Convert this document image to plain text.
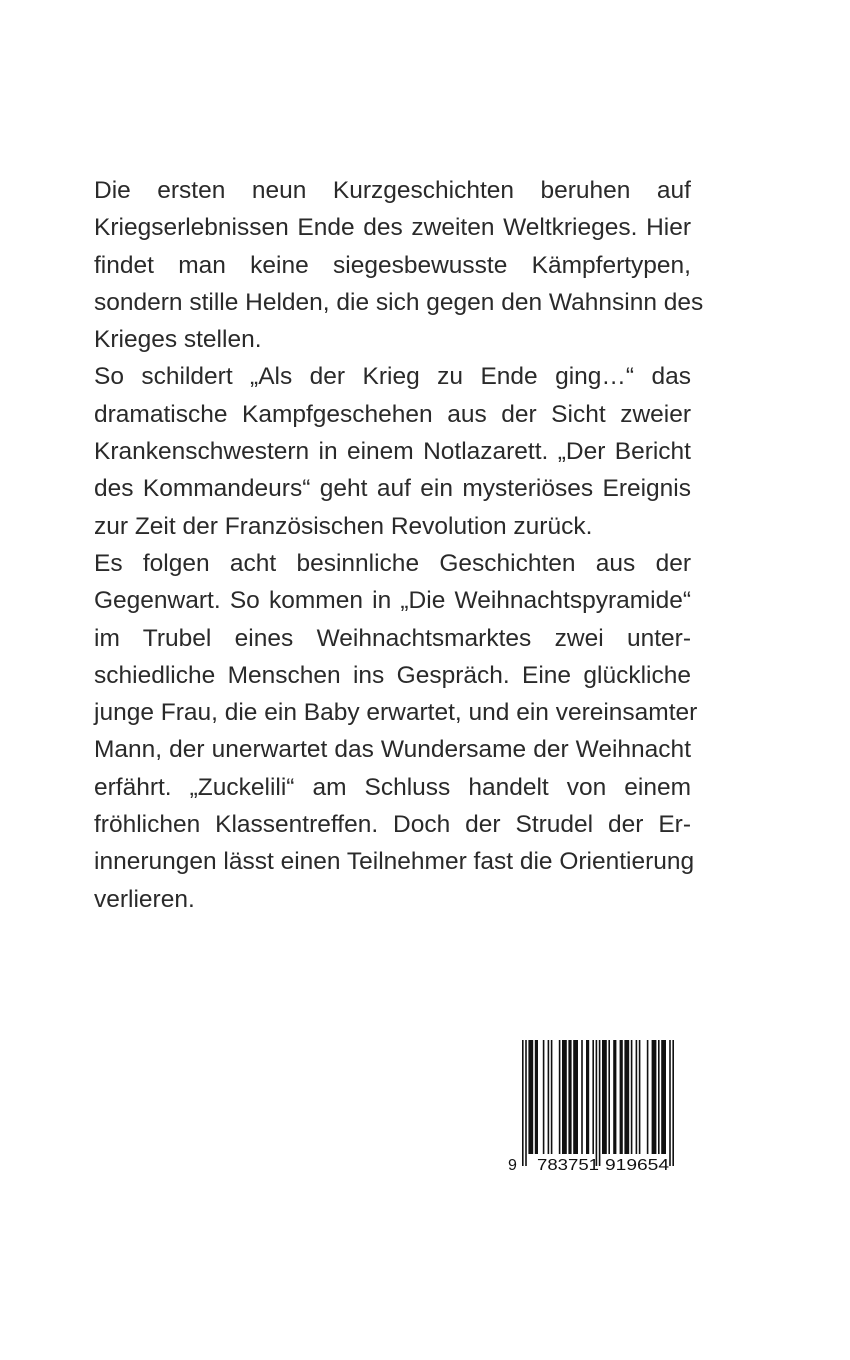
Die ersten neun Kurzgeschichten beruhen auf
Kriegserlebnissen Ende des zweiten Weltkrieges. Hier
findet man keine siegesbewusste Kämpfertypen,
sondern stille Helden, die sich gegen den Wahnsinn des
Krieges stellen.
So schildert „Als der Krieg zu Ende ging…“ das
dramatische Kampfgeschehen aus der Sicht zweier
Krankenschwestern in einem Notlazarett. „Der Bericht
des Kommandeurs“ geht auf ein mysteriöses Ereignis
zur Zeit der Französischen Revolution zurück.
Es folgen acht besinnliche Geschichten aus der
Gegenwart. So kommen in „Die Weihnachtspyramide“
im Trubel eines Weihnachtsmarktes zwei unter-
schiedliche Menschen ins Gespräch. Eine glückliche
junge Frau, die ein Baby erwartet, und ein vereinsamter
Mann, der unerwartet das Wundersame der Weihnacht
erfährt. „Zuckelili“ am Schluss handelt von einem
fröhlichen Klassentreffen. Doch der Strudel der Er-
innerungen lässt einen Teilnehmer fast die Orientierung
verlieren.
9 783751 919654
